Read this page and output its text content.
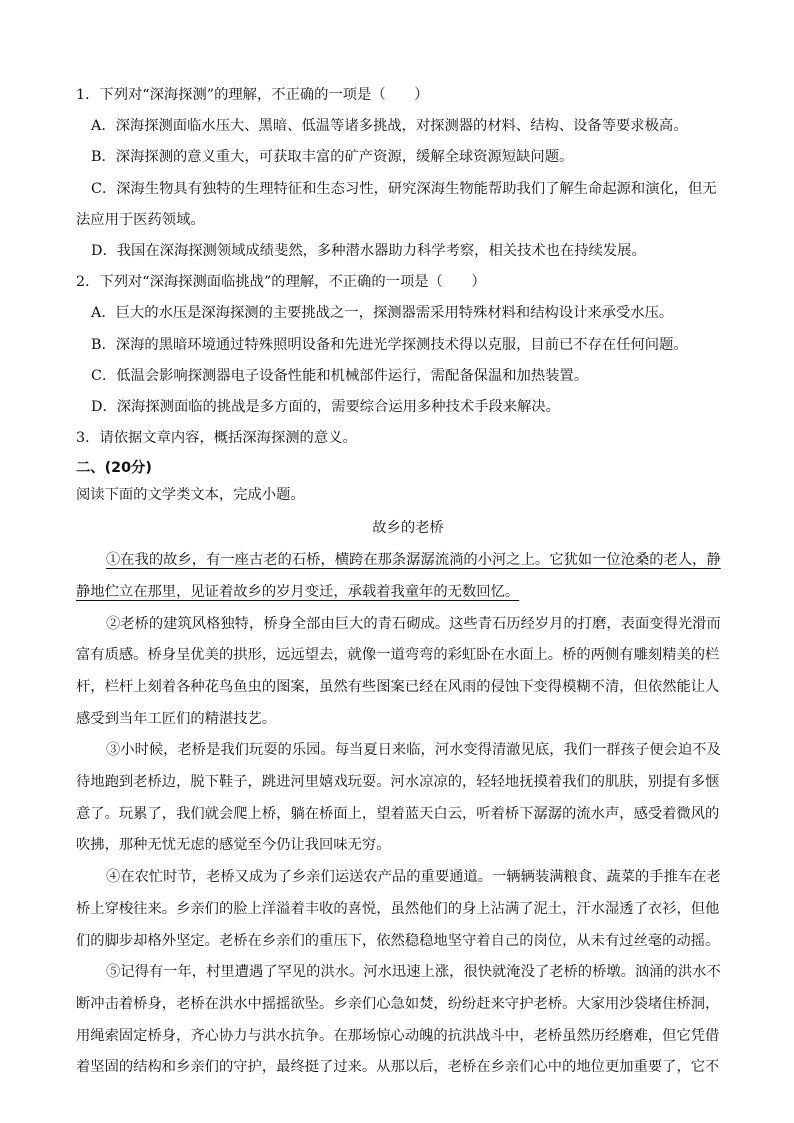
1．下列对“深海探测”的理解，不正确的一项是（　　）
A．深海探测面临水压大、黑暗、低温等诸多挑战，对探测器的材料、结构、设备等要求极高。
B．深海探测的意义重大，可获取丰富的矿产资源，缓解全球资源短缺问题。
C．深海生物具有独特的生理特征和生态习性，研究深海生物能帮助我们了解生命起源和演化，但无
法应用于医药领域。
D．我国在深海探测领域成绩斐然，多种潜水器助力科学考察，相关技术也在持续发展。
2．下列对“深海探测面临挑战”的理解，不正确的一项是（　　）
A．巨大的水压是深海探测的主要挑战之一，探测器需采用特殊材料和结构设计来承受水压。
B．深海的黑暗环境通过特殊照明设备和先进光学探测技术得以克服，目前已不存在任何问题。
C．低温会影响探测器电子设备性能和机械部件运行，需配备保温和加热装置。
D．深海探测面临的挑战是多方面的，需要综合运用多种技术手段来解决。
3．请依据文章内容，概括深海探测的意义。
二、(20分)
阅读下面的文学类文本，完成小题。
故乡的老桥
①在我的故乡，有一座古老的石桥，横跨在那条潺潺流淌的小河之上。它犹如一位沧桑的老人，静
静地伫立在那里，见证着故乡的岁月变迁，承载着我童年的无数回忆。
②老桥的建筑风格独特，桥身全部由巨大的青石砌成。这些青石历经岁月的打磨，表面变得光滑而
富有质感。桥身呈优美的拱形，远远望去，就像一道弯弯的彩虹卧在水面上。桥的两侧有雕刻精美的栏
杆，栏杆上刻着各种花鸟鱼虫的图案，虽然有些图案已经在风雨的侵蚀下变得模糊不清，但依然能让人
感受到当年工匠们的精湛技艺。
③小时候，老桥是我们玩耍的乐园。每当夏日来临，河水变得清澈见底，我们一群孩子便会迫不及
待地跑到老桥边，脱下鞋子，跳进河里嬉戏玩耍。河水凉凉的，轻轻地抚摸着我们的肌肤，别提有多惬
意了。玩累了，我们就会爬上桥，躺在桥面上，望着蓝天白云，听着桥下潺潺的流水声，感受着微风的
吹拂，那种无忧无虑的感觉至今仍让我回味无穷。
④在农忙时节，老桥又成为了乡亲们运送农产品的重要通道。一辆辆装满粮食、蔬菜的手推车在老
桥上穿梭往来。乡亲们的脸上洋溢着丰收的喜悦，虽然他们的身上沾满了泥土，汗水湿透了衣衫，但他
们的脚步却格外坚定。老桥在乡亲们的重压下，依然稳稳地坚守着自己的岗位，从未有过丝毫的动摇。
⑤记得有一年，村里遭遇了罕见的洪水。河水迅速上涨，很快就淹没了老桥的桥墩。汹涌的洪水不
断冲击着桥身，老桥在洪水中摇摇欲坠。乡亲们心急如焚，纷纷赶来守护老桥。大家用沙袋堵住桥洞，
用绳索固定桥身，齐心协力与洪水抗争。在那场惊心动魄的抗洪战斗中，老桥虽然历经磨难，但它凭借
着坚固的结构和乡亲们的守护，最终挺了过来。从那以后，老桥在乡亲们心中的地位更加重要了，它不
